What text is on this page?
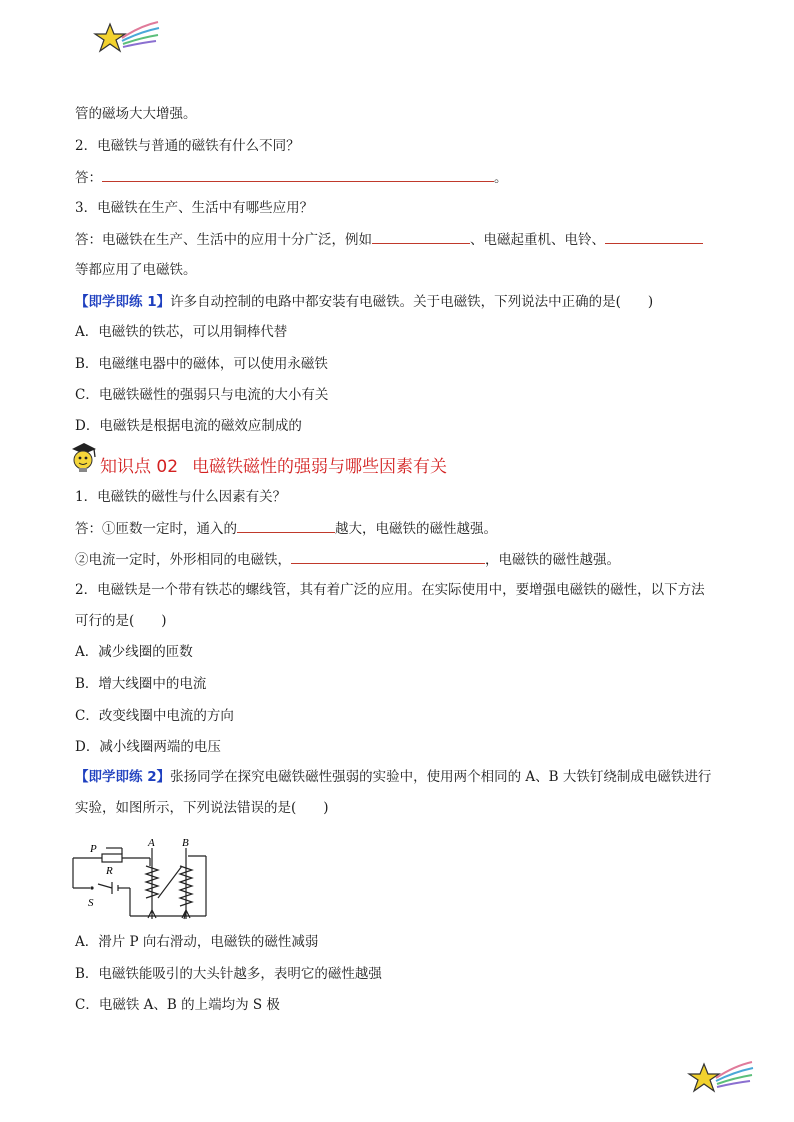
管的磁场大大增强。
2．电磁铁与普通的磁铁有什么不同？
答：	。
3．电磁铁在生产、生活中有哪些应用？
答：电磁铁在生产、生活中的应用十分广泛，例如	、电磁起重机、电铃、
等都应用了电磁铁。
【即学即练 1】许多自动控制的电路中都安装有电磁铁。关于电磁铁，下列说法中正确的是(　　)
A．电磁铁的铁芯，可以用铜棒代替
B．电磁继电器中的磁体，可以使用永磁铁
C．电磁铁磁性的强弱只与电流的大小有关
D．电磁铁是根据电流的磁效应制成的
知识点 02 电磁铁磁性的强弱与哪些因素有关
1．电磁铁的磁性与什么因素有关？
答：①匝数一定时，通入的	越大，电磁铁的磁性越强。
②电流一定时，外形相同的电磁铁，	，电磁铁的磁性越强。
2．电磁铁是一个带有铁芯的螺线管，其有着广泛的应用。在实际使用中，要增强电磁铁的磁性，以下方法
可行的是(　　)
A．减少线圈的匝数
B．增大线圈中的电流
C．改变线圈中电流的方向
D．减小线圈两端的电压
【即学即练 2】张扬同学在探究电磁铁磁性强弱的实验中，使用两个相同的 A、B 大铁钉绕制成电磁铁进行
实验，如图所示，下列说法错误的是(　　)
P
R
S
A B
A．滑片 P 向右滑动，电磁铁的磁性减弱
B．电磁铁能吸引的大头针越多，表明它的磁性越强
C．电磁铁 A、B 的上端均为 S 极
